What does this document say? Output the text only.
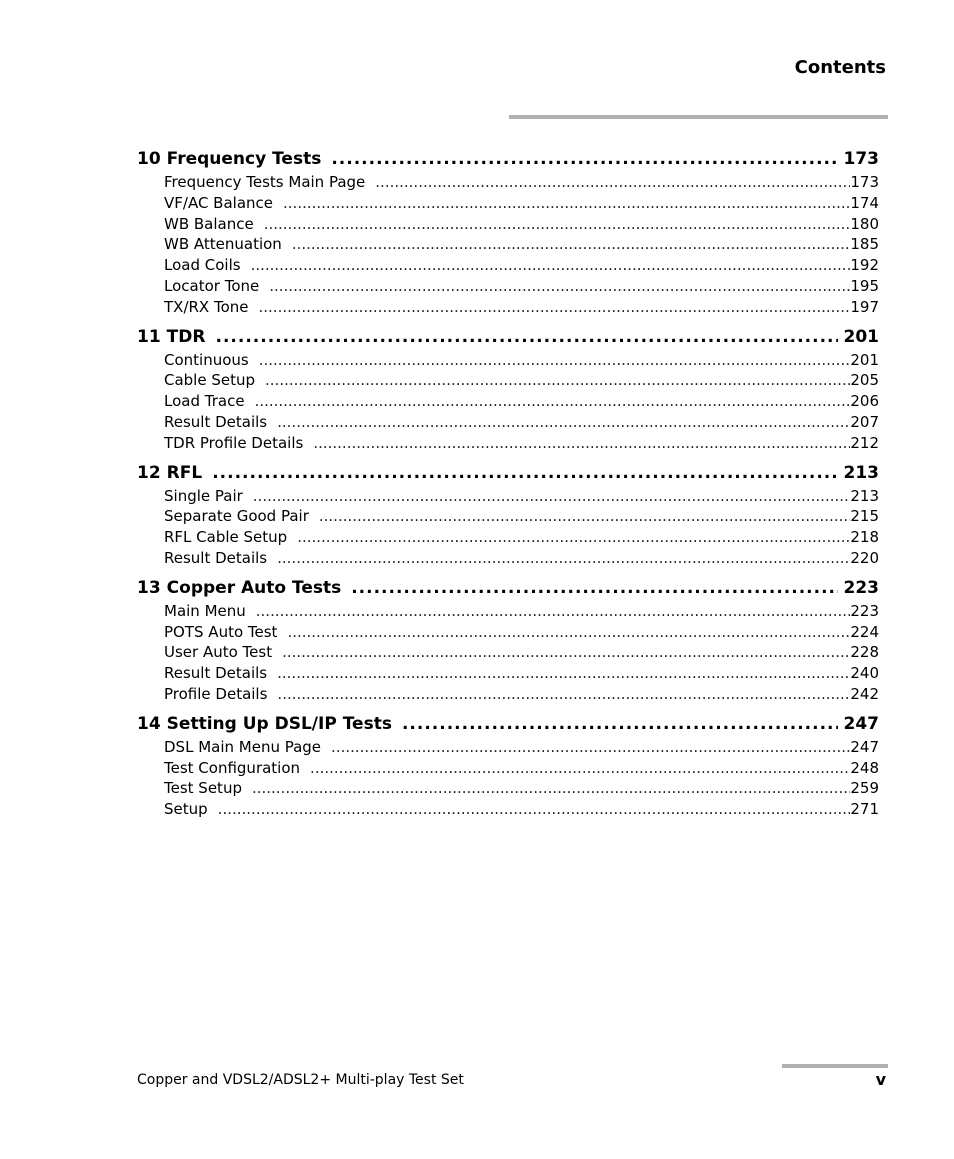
Contents
10 Frequency Tests .....	173
Frequency Tests Main Page .....	173
VF/AC Balance .....	174
WB Balance .....	180
WB Attenuation .....	185
Load Coils .....	192
Locator Tone .....	195
TX/RX Tone .....	197
11 TDR .....	201
Continuous .....	201
Cable Setup .....	205
Load Trace .....	206
Result Details .....	207
TDR Profile Details .....	212
12 RFL .....	213
Single Pair .....	213
Separate Good Pair .....	215
RFL Cable Setup .....	218
Result Details .....	220
13 Copper Auto Tests .....	223
Main Menu .....	223
POTS Auto Test .....	224
User Auto Test .....	228
Result Details .....	240
Profile Details .....	242
14 Setting Up DSL/IP Tests .....	247
DSL Main Menu Page .....	247
Test Configuration .....	248
Test Setup .....	259
Setup .....	271
Copper and VDSL2/ADSL2+ Multi-play Test Set	v
